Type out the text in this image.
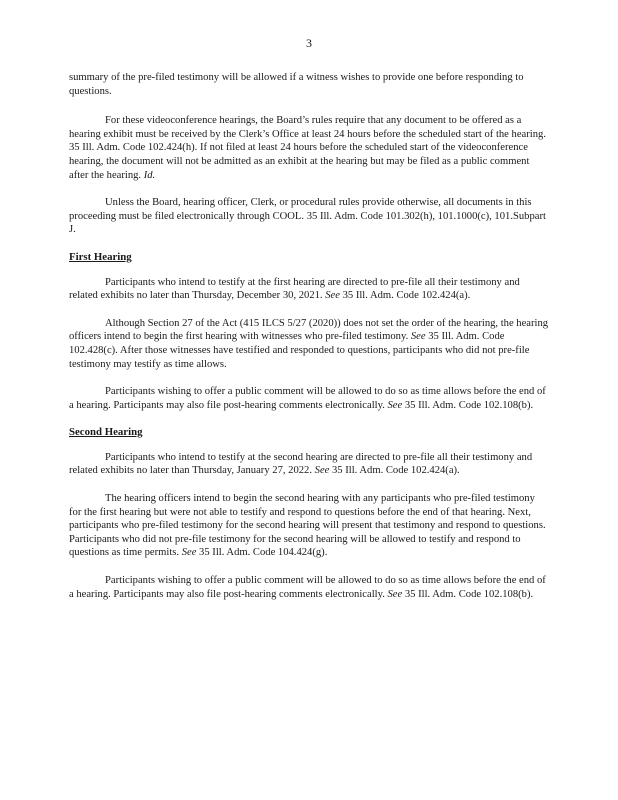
3

summary of the pre-filed testimony will be allowed if a witness wishes to provide one before responding to questions.

For these videoconference hearings, the Board’s rules require that any document to be offered as a hearing exhibit must be received by the Clerk’s Office at least 24 hours before the scheduled start of the hearing. 35 Ill. Adm. Code 102.424(h). If not filed at least 24 hours before the scheduled start of the videoconference hearing, the document will not be admitted as an exhibit at the hearing but may be filed as a public comment after the hearing. Id.

Unless the Board, hearing officer, Clerk, or procedural rules provide otherwise, all documents in this proceeding must be filed electronically through COOL. 35 Ill. Adm. Code 101.302(h), 101.1000(c), 101.Subpart J.

First Hearing

Participants who intend to testify at the first hearing are directed to pre-file all their testimony and related exhibits no later than Thursday, December 30, 2021. See 35 Ill. Adm. Code 102.424(a).

Although Section 27 of the Act (415 ILCS 5/27 (2020)) does not set the order of the hearing, the hearing officers intend to begin the first hearing with witnesses who pre-filed testimony. See 35 Ill. Adm. Code 102.428(c). After those witnesses have testified and responded to questions, participants who did not pre-file testimony may testify as time allows.

Participants wishing to offer a public comment will be allowed to do so as time allows before the end of a hearing. Participants may also file post-hearing comments electronically. See 35 Ill. Adm. Code 102.108(b).

Second Hearing

Participants who intend to testify at the second hearing are directed to pre-file all their testimony and related exhibits no later than Thursday, January 27, 2022. See 35 Ill. Adm. Code 102.424(a).

The hearing officers intend to begin the second hearing with any participants who pre-filed testimony for the first hearing but were not able to testify and respond to questions before the end of that hearing. Next, participants who pre-filed testimony for the second hearing will present that testimony and respond to questions. Participants who did not pre-file testimony for the second hearing will be allowed to testify and respond to questions as time permits. See 35 Ill. Adm. Code 104.424(g).

Participants wishing to offer a public comment will be allowed to do so as time allows before the end of a hearing. Participants may also file post-hearing comments electronically. See 35 Ill. Adm. Code 102.108(b).
